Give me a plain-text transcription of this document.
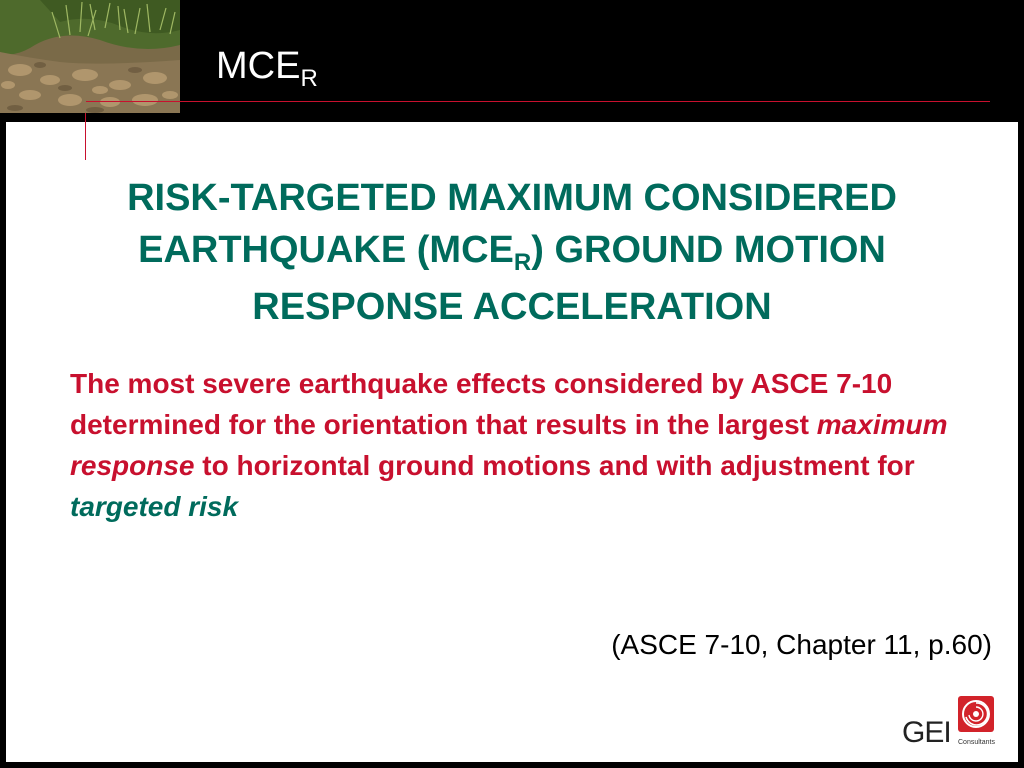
$MCE_R$
RISK-TARGETED MAXIMUM CONSIDERED
EARTHQUAKE $(MCE_R)$ GROUND MOTION
RESPONSE ACCELERATION
The most severe earthquake effects considered by ASCE 7-10 determined for the orientation that results in the largest maximum response to horizontal ground motions and with adjustment for targeted risk
(ASCE 7-10, Chapter 11, p.60)
GEI Consultants
